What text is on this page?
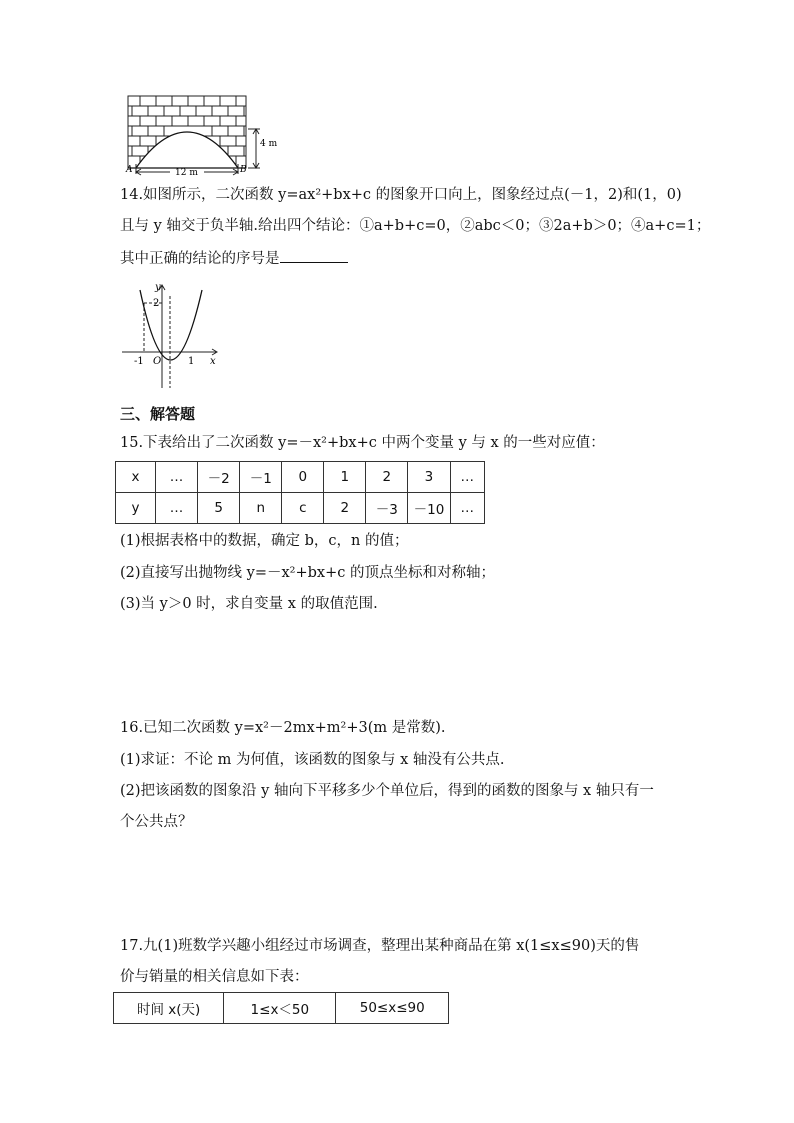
4 m
12 m
A	B
14.如图所示，二次函数 y=ax²+bx+c 的图象开口向上，图象经过点(－1，2)和(1，0)
且与 y 轴交于负半轴.给出四个结论：①a+b+c=0，②abc＜0；③2a+b＞0；④a+c=1；
其中正确的结论的序号是
y
x
O
-1	1
2
三、解答题
15.下表给出了二次函数 y=－x²+bx+c 中两个变量 y 与 x 的一些对应值：
x	…	－2	－1	0	1	2	3	…
y	…	5	n	c	2	－3	－10	…
(1)根据表格中的数据，确定 b，c，n 的值；
(2)直接写出抛物线 y=－x²+bx+c 的顶点坐标和对称轴；
(3)当 y＞0 时，求自变量 x 的取值范围.
16.已知二次函数 y=x²－2mx+m²+3(m 是常数).
(1)求证：不论 m 为何值，该函数的图象与 x 轴没有公共点.
(2)把该函数的图象沿 y 轴向下平移多少个单位后，得到的函数的图象与 x 轴只有一
个公共点？
17.九(1)班数学兴趣小组经过市场调查，整理出某种商品在第 x(1≤x≤90)天的售
价与销量的相关信息如下表：
时间 x(天)	1≤x＜50	50≤x≤90
